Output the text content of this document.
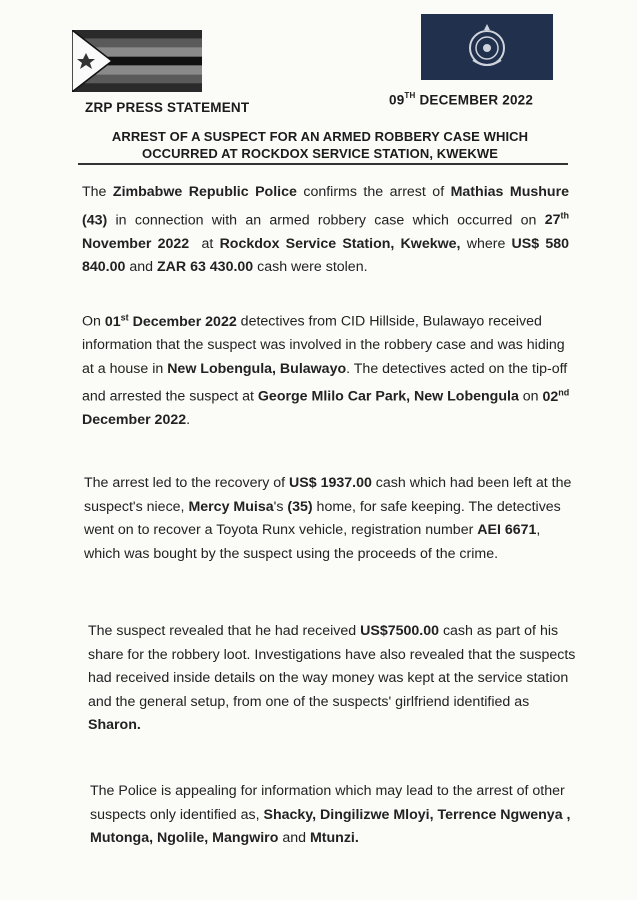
ZRP PRESS STATEMENT	09TH DECEMBER 2022
ARREST OF A SUSPECT FOR AN ARMED ROBBERY CASE WHICH
OCCURRED AT ROCKDOX SERVICE STATION, KWEKWE

The Zimbabwe Republic Police confirms the arrest of Mathias Mushure (43) in connection with an armed robbery case which occurred on 27th November 2022  at Rockdox Service Station, Kwekwe, where US$ 580 840.00 and ZAR 63 430.00 cash were stolen.

On 01st December 2022 detectives from CID Hillside, Bulawayo received information that the suspect was involved in the robbery case and was hiding at a house in New Lobengula, Bulawayo. The detectives acted on the tip-off and arrested the suspect at George Mlilo Car Park, New Lobengula on 02nd December 2022.

The arrest led to the recovery of US$ 1937.00 cash which had been left at the suspect's niece, Mercy Muisa's (35) home, for safe keeping. The detectives went on to recover a Toyota Runx vehicle, registration number AEI 6671, which was bought by the suspect using the proceeds of the crime.

The suspect revealed that he had received US$7500.00 cash as part of his share for the robbery loot. Investigations have also revealed that the suspects had received inside details on the way money was kept at the service station and the general setup, from one of the suspects' girlfriend identified as Sharon.

The Police is appealing for information which may lead to the arrest of other suspects only identified as, Shacky, Dingilizwe Mloyi, Terrence Ngwenya , Mutonga, Ngolile, Mangwiro and Mtunzi.
